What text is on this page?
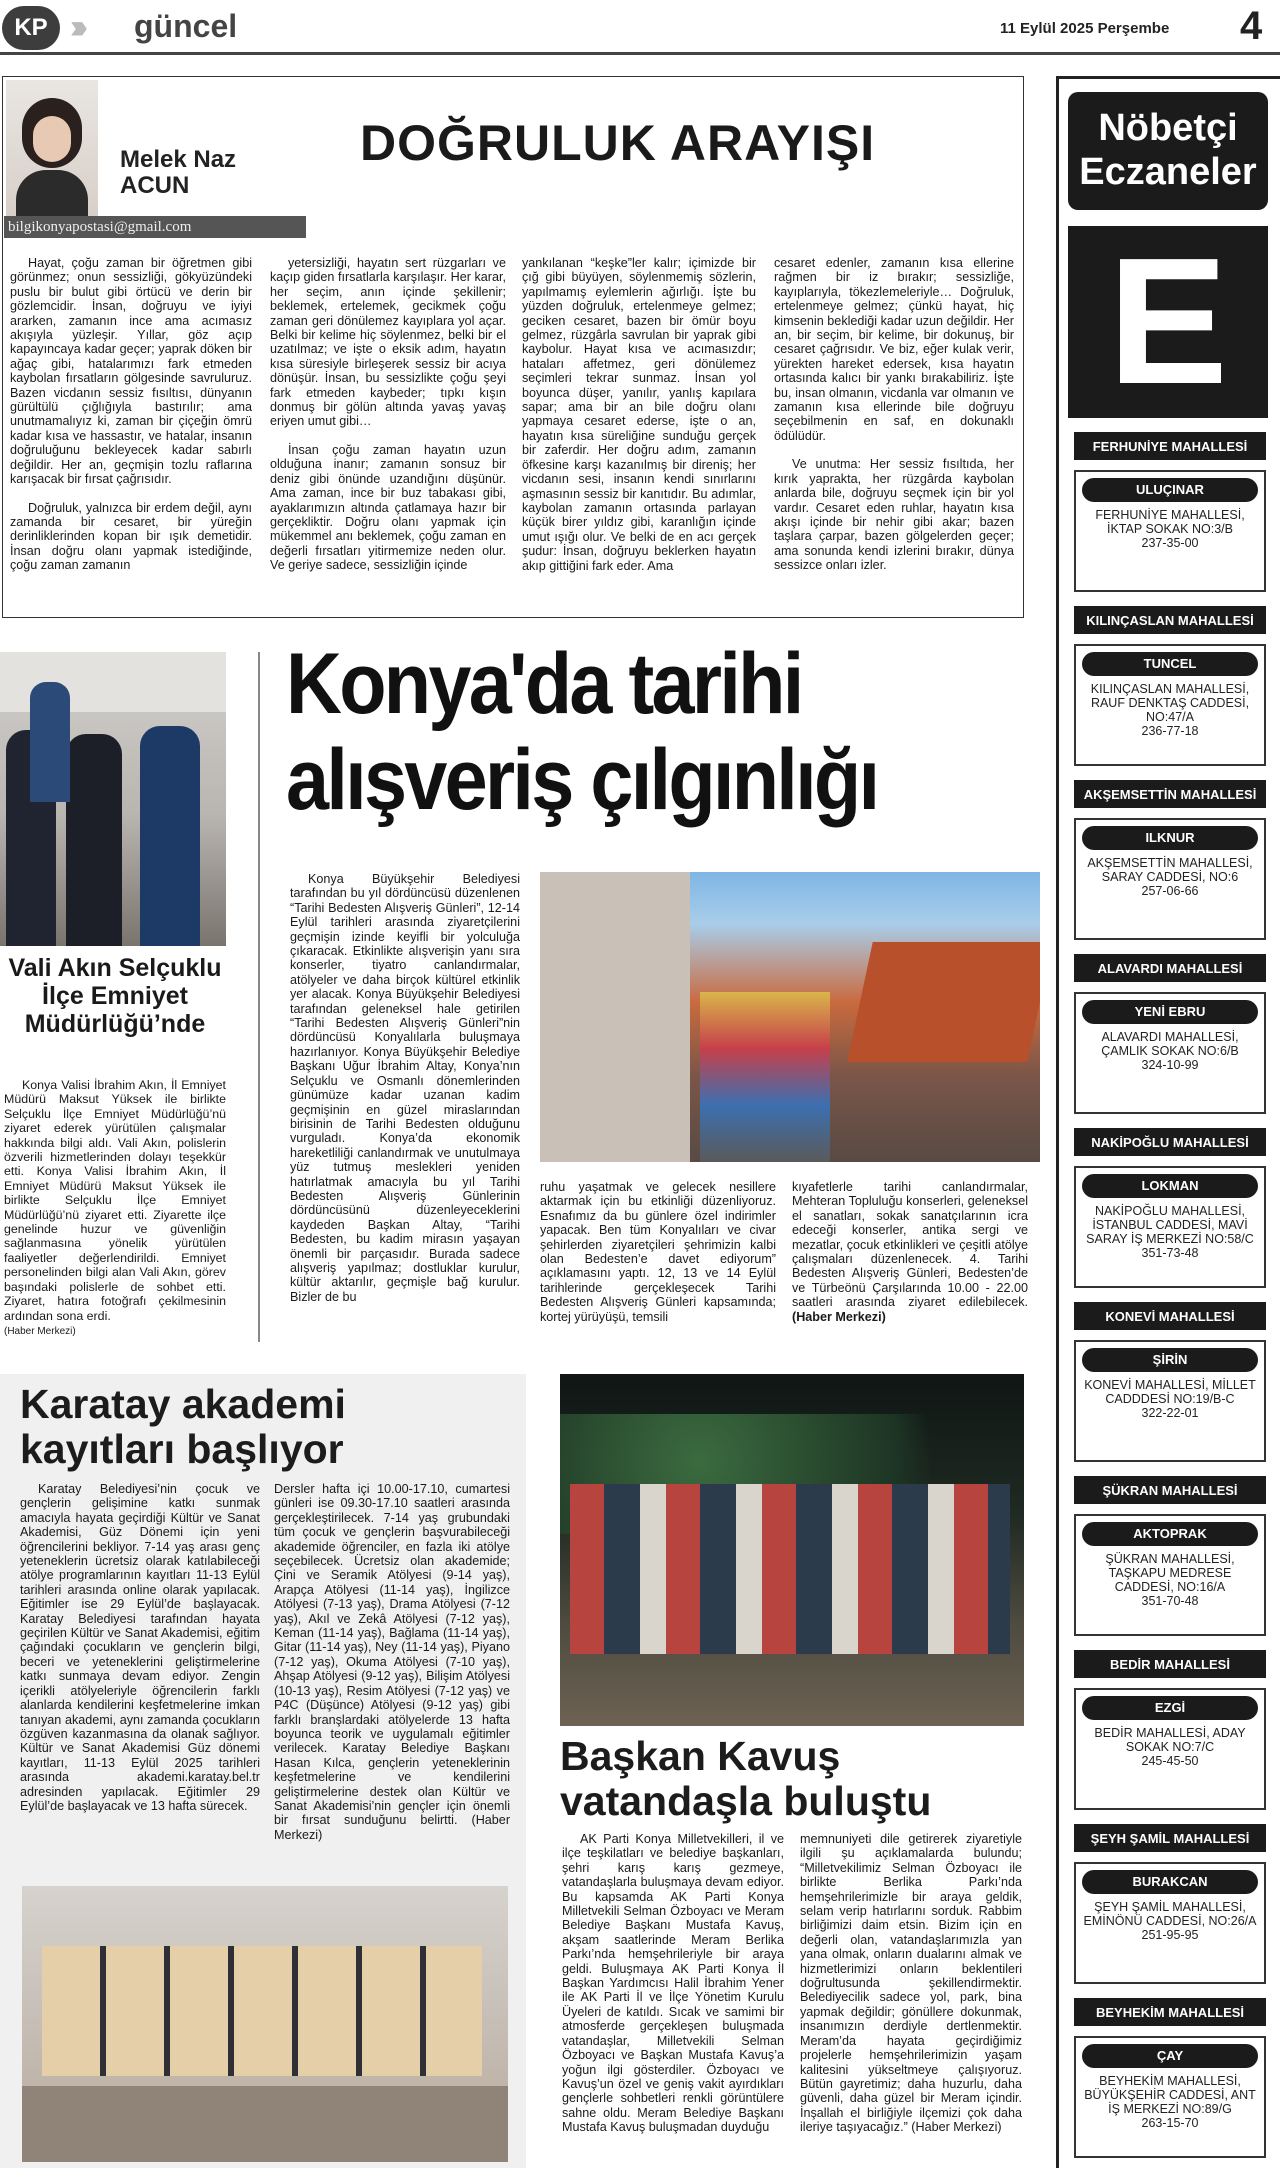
KP ››› güncel	11 Eylül 2025 Perşembe 4
Melek Naz
ACUN
bilgikonyapostasi@gmail.com
DOĞRULUK ARAYIŞI

Hayat, çoğu zaman bir öğretmen gibi görünmez; onun sessizliği, gökyüzündeki puslu bir bulut gibi örtücü ve derin bir gözlemcidir. İnsan, doğruyu ve iyiyi ararken, zamanın ince ama acımasız akışıyla yüzleşir. Yıllar, göz açıp kapayıncaya kadar geçer; yaprak döken bir ağaç gibi, hatalarımızı fark etmeden kaybolan fırsatların gölgesinde savruluruz. Bazen vicdanın sessiz fısıltısı, dünyanın gürültülü çığlığıyla bastırılır; ama unutmamalıyız ki, zaman bir çiçeğin ömrü kadar kısa ve hassastır, ve hatalar, insanın doğruluğunu bekleyecek kadar sabırlı değildir. Her an, geçmişin tozlu raflarına karışacak bir fırsat çağrısıdır.

Doğruluk, yalnızca bir erdem değil, aynı zamanda bir cesaret, bir yüreğin derinliklerinden kopan bir ışık demetidir. İnsan doğru olanı yapmak istediğinde, çoğu zaman zamanın

yetersizliği, hayatın sert rüzgarları ve kaçıp giden fırsatlarla karşılaşır. Her karar, her seçim, anın içinde şekillenir; beklemek, ertelemek, gecikmek çoğu zaman geri dönülemez kayıplara yol açar. Belki bir kelime hiç söylenmez, belki bir el uzatılmaz; ve işte o eksik adım, hayatın kısa süresiyle birleşerek sessiz bir acıya dönüşür. İnsan, bu sessizlikte çoğu şeyi fark etmeden kaybeder; tıpkı kışın donmuş bir gölün altında yavaş yavaş eriyen umut gibi…

İnsan çoğu zaman hayatın uzun olduğuna inanır; zamanın sonsuz bir deniz gibi önünde uzandığını düşünür. Ama zaman, ince bir buz tabakası gibi, ayaklarımızın altında çatlamaya hazır bir gerçekliktir. Doğru olanı yapmak için mükemmel anı beklemek, çoğu zaman en değerli fırsatları yitirmemize neden olur. Ve geriye sadece, sessizliğin içinde

yankılanan “keşke”ler kalır; içimizde bir çığ gibi büyüyen, söylenmemiş sözlerin, yapılmamış eylemlerin ağırlığı. İşte bu yüzden doğruluk, ertelenmeye gelmez; geciken cesaret, bazen bir ömür boyu gelmez, rüzgârla savrulan bir yaprak gibi kaybolur. Hayat kısa ve acımasızdır; hataları affetmez, geri dönülemez seçimleri tekrar sunmaz. İnsan yol boyunca düşer, yanılır, yanlış kapılara sapar; ama bir an bile doğru olanı yapmaya cesaret ederse, işte o an, hayatın kısa süreliğine sunduğu gerçek bir zaferdir. Her doğru adım, zamanın öfkesine karşı kazanılmış bir direniş; her vicdanın sesi, insanın kendi sınırlarını aşmasının sessiz bir kanıtıdır. Bu adımlar, kaybolan zamanın ortasında parlayan küçük birer yıldız gibi, karanlığın içinde umut ışığı olur. Ve belki de en acı gerçek şudur: İnsan, doğruyu beklerken hayatın akıp gittiğini fark eder. Ama

cesaret edenler, zamanın kısa ellerine rağmen bir iz bırakır; sessizliğe, kayıplarıyla, tökezlemeleriyle… Doğruluk, ertelenmeye gelmez; çünkü hayat, hiç kimsenin beklediği kadar uzun değildir. Her an, bir seçim, bir kelime, bir dokunuş, bir cesaret çağrısıdır. Ve biz, eğer kulak verir, yürekten hareket edersek, kısa hayatın ortasında kalıcı bir yankı bırakabiliriz. İşte bu, insan olmanın, vicdanla var olmanın ve zamanın kısa ellerinde bile doğruyu seçebilmenin en saf, en dokunaklı ödülüdür.

Ve unutma: Her sessiz fısıltıda, her kırık yaprakta, her rüzgârda kaybolan anlarda bile, doğruyu seçmek için bir yol vardır. Cesaret eden ruhlar, hayatın kısa akışı içinde bir nehir gibi akar; bazen taşlara çarpar, bazen gölgelerden geçer; ama sonunda kendi izlerini bırakır, dünya sessizce onları izler.

Vali Akın Selçuklu İlçe Emniyet Müdürlüğü’nde

Konya Valisi İbrahim Akın, İl Emniyet Müdürü Maksut Yüksek ile birlikte Selçuklu İlçe Emniyet Müdürlüğü’nü ziyaret ederek yürütülen çalışmalar hakkında bilgi aldı. Vali Akın, polislerin özverili hizmetlerinden dolayı teşekkür etti. Konya Valisi İbrahim Akın, İl Emniyet Müdürü Maksut Yüksek ile birlikte Selçuklu İlçe Emniyet Müdürlüğü’nü ziyaret etti. Ziyarette ilçe genelinde huzur ve güvenliğin sağlanmasına yönelik yürütülen faaliyetler değerlendirildi. Emniyet personelinden bilgi alan Vali Akın, görev başındaki polislerle de sohbet etti. Ziyaret, hatıra fotoğrafı çekilmesinin ardından sona erdi.

(Haber Merkezi)
Konya'da tarihi
alışveriş çılgınlığı

Konya Büyükşehir Belediyesi tarafından bu yıl dördüncüsü düzenlenen “Tarihi Bedesten Alışveriş Günleri”, 12-14 Eylül tarihleri arasında ziyaretçilerini geçmişin izinde keyifli bir yolculuğa çıkaracak. Etkinlikte alışverişin yanı sıra konserler, tiyatro canlandırmalar, atölyeler ve daha birçok kültürel etkinlik yer alacak. Konya Büyükşehir Belediyesi tarafından geleneksel hale getirilen “Tarihi Bedesten Alışveriş Günleri”nin dördüncüsü Konyalılarla buluşmaya hazırlanıyor. Konya Büyükşehir Belediye Başkanı Uğur İbrahim Altay, Konya’nın Selçuklu ve Osmanlı dönemlerinden günümüze kadar uzanan kadim geçmişinin en güzel miraslarından birisinin de Tarihi Bedesten olduğunu vurguladı. Konya’da ekonomik hareketliliği canlandırmak ve unutulmaya yüz tutmuş meslekleri yeniden hatırlatmak amacıyla bu yıl Tarihi Bedesten Alışveriş Günlerinin dördüncüsünü düzenleyeceklerini kaydeden Başkan Altay, “Tarihi Bedesten, bu kadim mirasın yaşayan önemli bir parçasıdır. Burada sadece alışveriş yapılmaz; dostluklar kurulur, kültür aktarılır, geçmişle bağ kurulur. Bizler de bu

ruhu yaşatmak ve gelecek nesillere aktarmak için bu etkinliği düzenliyoruz. Esnafımız da bu günlere özel indirimler yapacak. Ben tüm Konyalıları ve civar şehirlerden ziyaretçileri şehrimizin kalbi olan Bedesten’e davet ediyorum” açıklamasını yaptı. 12, 13 ve 14 Eylül tarihlerinde gerçekleşecek Tarihi Bedesten Alışveriş Günleri kapsamında; kortej yürüyüşü, temsili

kıyafetlerle tarihi canlandırmalar, Mehteran Topluluğu konserleri, geleneksel el sanatları, sokak sanatçılarının icra edeceği konserler, antika sergi ve mezatlar, çocuk etkinlikleri ve çeşitli atölye çalışmaları düzenlenecek. 4. Tarihi Bedesten Alışveriş Günleri, Bedesten’de ve Türbeönü Çarşılarında 10.00 - 22.00 saatleri arasında ziyaret edilebilecek. (Haber Merkezi)

Karatay akademi kayıtları başlıyor

Karatay Belediyesi’nin çocuk ve gençlerin gelişimine katkı sunmak amacıyla hayata geçirdiği Kültür ve Sanat Akademisi, Güz Dönemi için yeni öğrencilerini bekliyor. 7-14 yaş arası genç yeteneklerin ücretsiz olarak katılabileceği atölye programlarının kayıtları 11-13 Eylül tarihleri arasında online olarak yapılacak. Eğitimler ise 29 Eylül’de başlayacak. Karatay Belediyesi tarafından hayata geçirilen Kültür ve Sanat Akademisi, eğitim çağındaki çocukların ve gençlerin bilgi, beceri ve yeteneklerini geliştirmelerine katkı sunmaya devam ediyor. Zengin içerikli atölyeleriyle öğrencilerin farklı alanlarda kendilerini keşfetmelerine imkan tanıyan akademi, aynı zamanda çocukların özgüven kazanmasına da olanak sağlıyor. Kültür ve Sanat Akademisi Güz dönemi kayıtları, 11-13 Eylül 2025 tarihleri arasında akademi.karatay.bel.tr adresinden yapılacak. Eğitimler 29 Eylül’de başlayacak ve 13 hafta sürecek.

Dersler hafta içi 10.00-17.10, cumartesi günleri ise 09.30-17.10 saatleri arasında gerçekleştirilecek. 7-14 yaş grubundaki tüm çocuk ve gençlerin başvurabileceği akademide öğrenciler, en fazla iki atölye seçebilecek. Ücretsiz olan akademide; Çini ve Seramik Atölyesi (9-14 yaş), Arapça Atölyesi (11-14 yaş), İngilizce Atölyesi (7-13 yaş), Drama Atölyesi (7-12 yaş), Akıl ve Zekâ Atölyesi (7-12 yaş), Keman (11-14 yaş), Bağlama (11-14 yaş), Gitar (11-14 yaş), Ney (11-14 yaş), Piyano (7-12 yaş), Okuma Atölyesi (7-10 yaş), Ahşap Atölyesi (9-12 yaş), Bilişim Atölyesi (10-13 yaş), Resim Atölyesi (7-12 yaş) ve P4C (Düşünce) Atölyesi (9-12 yaş) gibi farklı branşlardaki atölyelerde 13 hafta boyunca teorik ve uygulamalı eğitimler verilecek. Karatay Belediye Başkanı Hasan Kılca, gençlerin yeteneklerinin keşfetmelerine ve kendilerini geliştirmelerine destek olan Kültür ve Sanat Akademisi’nin gençler için önemli bir fırsat sunduğunu belirtti. (Haber Merkezi)

Başkan Kavuş vatandaşla buluştu

AK Parti Konya Milletvekilleri, il ve ilçe teşkilatları ve belediye başkanları, şehri karış karış gezmeye, vatandaşlarla buluşmaya devam ediyor. Bu kapsamda AK Parti Konya Milletvekili Selman Özboyacı ve Meram Belediye Başkanı Mustafa Kavuş, akşam saatlerinde Meram Berlika Parkı’nda hemşehrileriyle bir araya geldi. Buluşmaya AK Parti Konya İl Başkan Yardımcısı Halil İbrahim Yener ile AK Parti İl ve İlçe Yönetim Kurulu Üyeleri de katıldı. Sıcak ve samimi bir atmosferde gerçekleşen buluşmada vatandaşlar, Milletvekili Selman Özboyacı ve Başkan Mustafa Kavuş’a yoğun ilgi gösterdiler. Özboyacı ve Kavuş’un özel ve geniş vakit ayırdıkları gençlerle sohbetleri renkli görüntülere sahne oldu. Meram Belediye Başkanı Mustafa Kavuş buluşmadan duyduğu

memnuniyeti dile getirerek ziyaretiyle ilgili şu açıklamalarda bulundu; “Milletvekilimiz Selman Özboyacı ile birlikte Berlika Parkı’nda hemşehrilerimizle bir araya geldik, selam verip hatırlarını sorduk. Rabbim birliğimizi daim etsin. Bizim için en değerli olan, vatandaşlarımızla yan yana olmak, onların dualarını almak ve hizmetlerimizi onların beklentileri doğrultusunda şekillendirmektir. Belediyecilik sadece yol, park, bina yapmak değildir; gönüllere dokunmak, insanımızın derdiyle dertlenmektir. Meram’da hayata geçirdiğimiz projelerle hemşehrilerimizin yaşam kalitesini yükseltmeye çalışıyoruz. Bütün gayretimiz; daha huzurlu, daha güvenli, daha güzel bir Meram içindir. İnşallah el birliğiyle ilçemizi çok daha ileriye taşıyacağız.” (Haber Merkezi)

Nöbetçi
Eczaneler
E
FERHUNİYE MAHALLESİ
ULUÇINAR
FERHUNİYE MAHALLESİ, İKTAP SOKAK NO:3/B
237-35-00
KILINÇASLAN MAHALLESİ
TUNCEL
KILINÇASLAN MAHALLESİ, RAUF DENKTAŞ CADDESİ, NO:47/A
236-77-18
AKŞEMSETTİN MAHALLESİ
ILKNUR
AKŞEMSETTİN MAHALLESİ, SARAY CADDESİ, NO:6
257-06-66
ALAVARDI MAHALLESİ
YENİ EBRU
ALAVARDI MAHALLESİ, ÇAMLIK SOKAK NO:6/B
324-10-99
NAKİPOĞLU MAHALLESİ
LOKMAN
NAKİPOĞLU MAHALLESİ, İSTANBUL CADDESİ, MAVİ SARAY İŞ MERKEZİ NO:58/C
351-73-48
KONEVİ MAHALLESİ
ŞİRİN
KONEVİ MAHALLESİ, MİLLET CADDDESİ NO:19/B-C
322-22-01
ŞÜKRAN MAHALLESİ
AKTOPRAK
ŞÜKRAN MAHALLESİ, TAŞKAPU MEDRESE CADDESİ, NO:16/A
351-70-48
BEDİR MAHALLESİ
EZGİ
BEDİR MAHALLESİ, ADAY SOKAK NO:7/C
245-45-50
ŞEYH ŞAMİL MAHALLESİ
BURAKCAN
ŞEYH ŞAMİL MAHALLESİ, EMİNÖNÜ CADDESİ, NO:26/A
251-95-95
BEYHEKİM MAHALLESİ
ÇAY
BEYHEKİM MAHALLESİ, BÜYÜKŞEHİR CADDESİ, ANT İŞ MERKEZİ NO:89/G
263-15-70
